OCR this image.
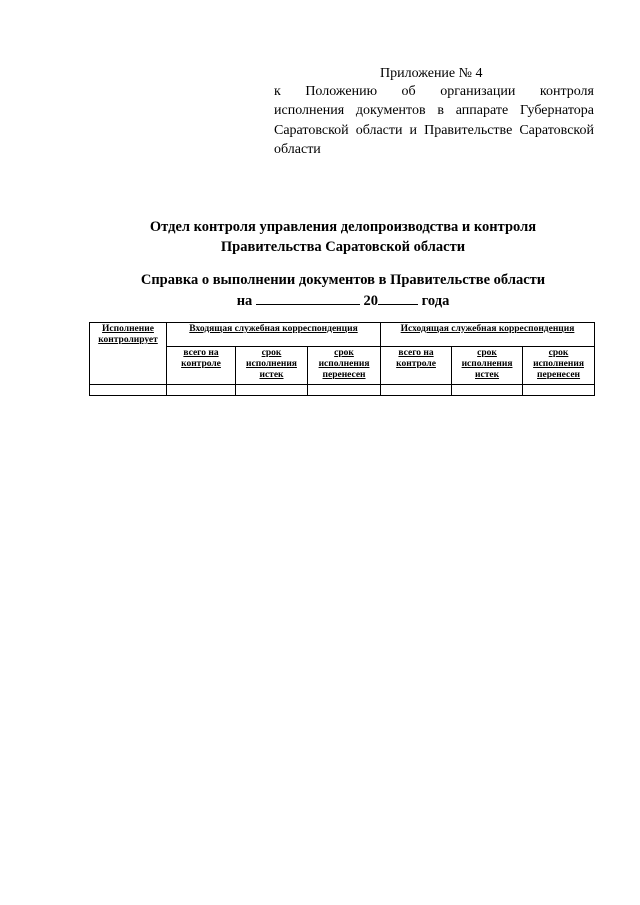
Приложение № 4
к Положению об организации контроля
исполнения документов в аппарате Губернатора
Саратовской области и Правительстве Саратовской
области
Отдел контроля управления делопроизводства и контроля
Правительства Саратовской области
Справка о выполнении документов в Правительстве области
на	20	года
Исполнение контролирует	Входящая служебная корреспонденция			Исходящая служебная корреспонденция		
	всего на контроле	срок исполнения истек	срок исполнения перенесен	всего на контроле	срок исполнения истек	срок исполнения перенесен
